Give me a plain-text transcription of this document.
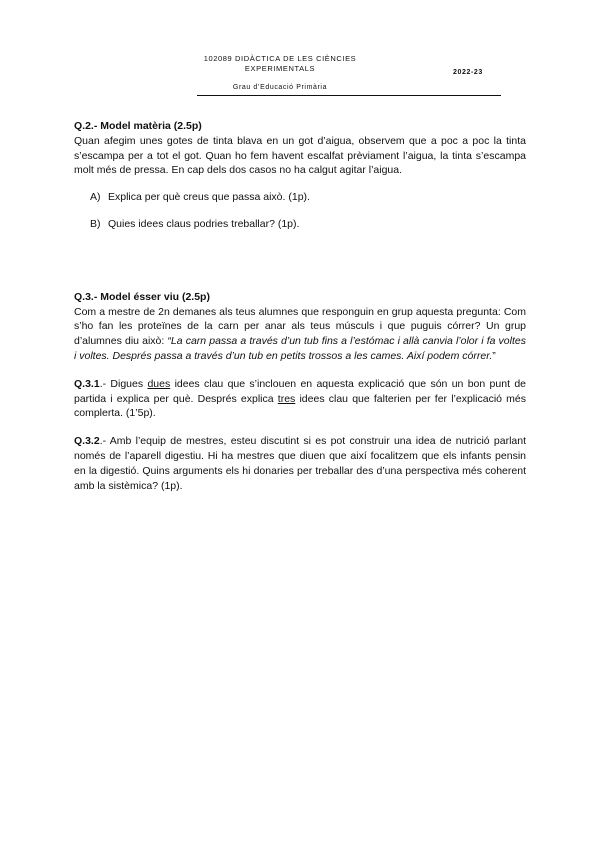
102089 DIDÀCTICA DE LES CIÈNCIES
EXPERIMENTALS	2022-23
Grau d’Educació Primària

Q.2.- Model matèria (2.5p)

Quan afegim unes gotes de tinta blava en un got d’aigua, observem que a poc a poc la tinta s’escampa per a tot el got. Quan ho fem havent escalfat prèviament l’aigua, la tinta s’escampa molt més de pressa. En cap dels dos casos no ha calgut agitar l’aigua.

A) Explica per què creus que passa això. (1p).
B) Quies idees claus podries treballar? (1p).

Q.3.- Model ésser viu (2.5p)

Com a mestre de 2n demanes als teus alumnes que responguin en grup aquesta pregunta: Com s’ho fan les proteïnes de la carn per anar als teus músculs i que puguis córrer? Un grup d’alumnes diu això: “La carn passa a través d’un tub fins a l’estómac i allà canvia l’olor i fa voltes i voltes. Després passa a través d’un tub en petits trossos a les cames. Així podem córrer.”

Q.3.1.- Digues dues idees clau que s’inclouen en aquesta explicació que són un bon punt de partida i explica per què. Després explica tres idees clau que falterien per fer l’explicació més complerta. (1’5p).

Q.3.2.- Amb l’equip de mestres, esteu discutint si es pot construir una idea de nutrició parlant només de l’aparell digestiu. Hi ha mestres que diuen que així focalitzem que els infants pensin en la digestió. Quins arguments els hi donaries per treballar des d’una perspectiva més coherent amb la sistèmica? (1p).
